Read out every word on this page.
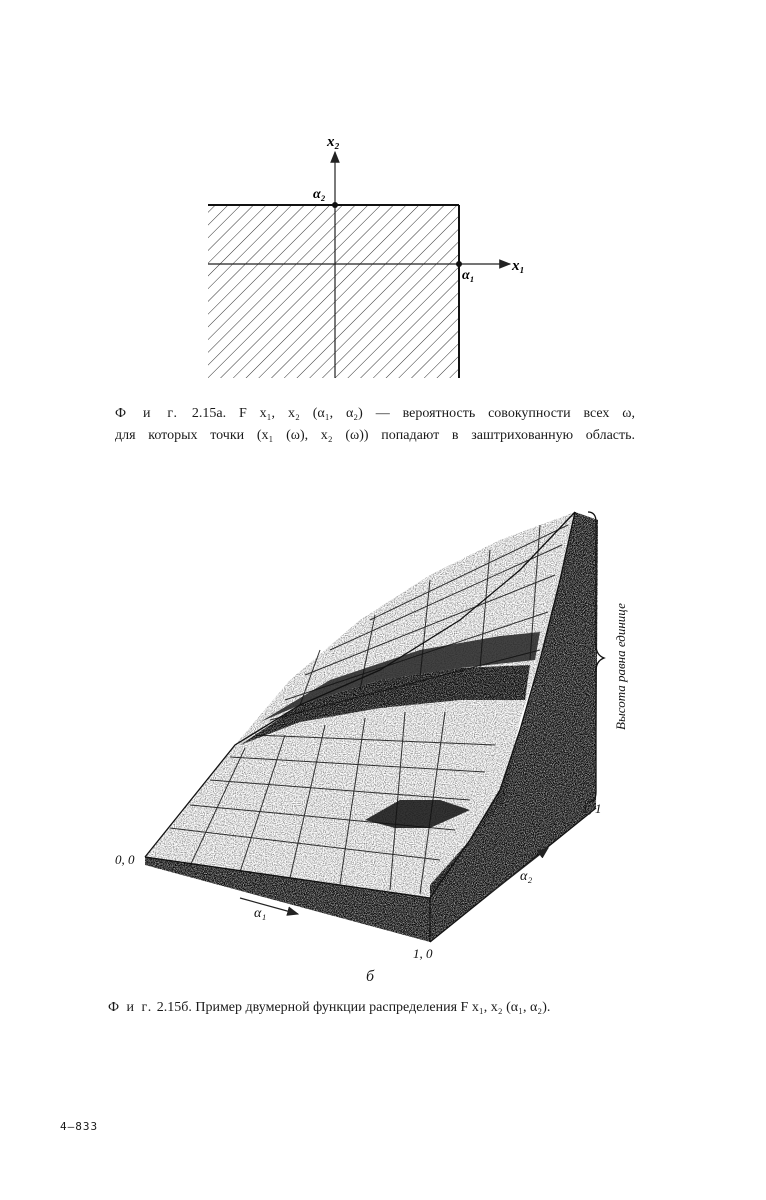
x₂
x₁
α₂
α₁
Ф и г. 2.15а. F x₁, x₂ (α₁, α₂) — вероятность совокупности всех ω,
для которых точки (x₁ (ω), x₂ (ω)) попадают в заштрихованную область.
Высота равна единице
0, 0
1, 0
1, 1
α₁
α₂
б
Ф и г. 2.15б. Пример двумерной функции распределения F x₁, x₂ (α₁, α₂).
4—833
